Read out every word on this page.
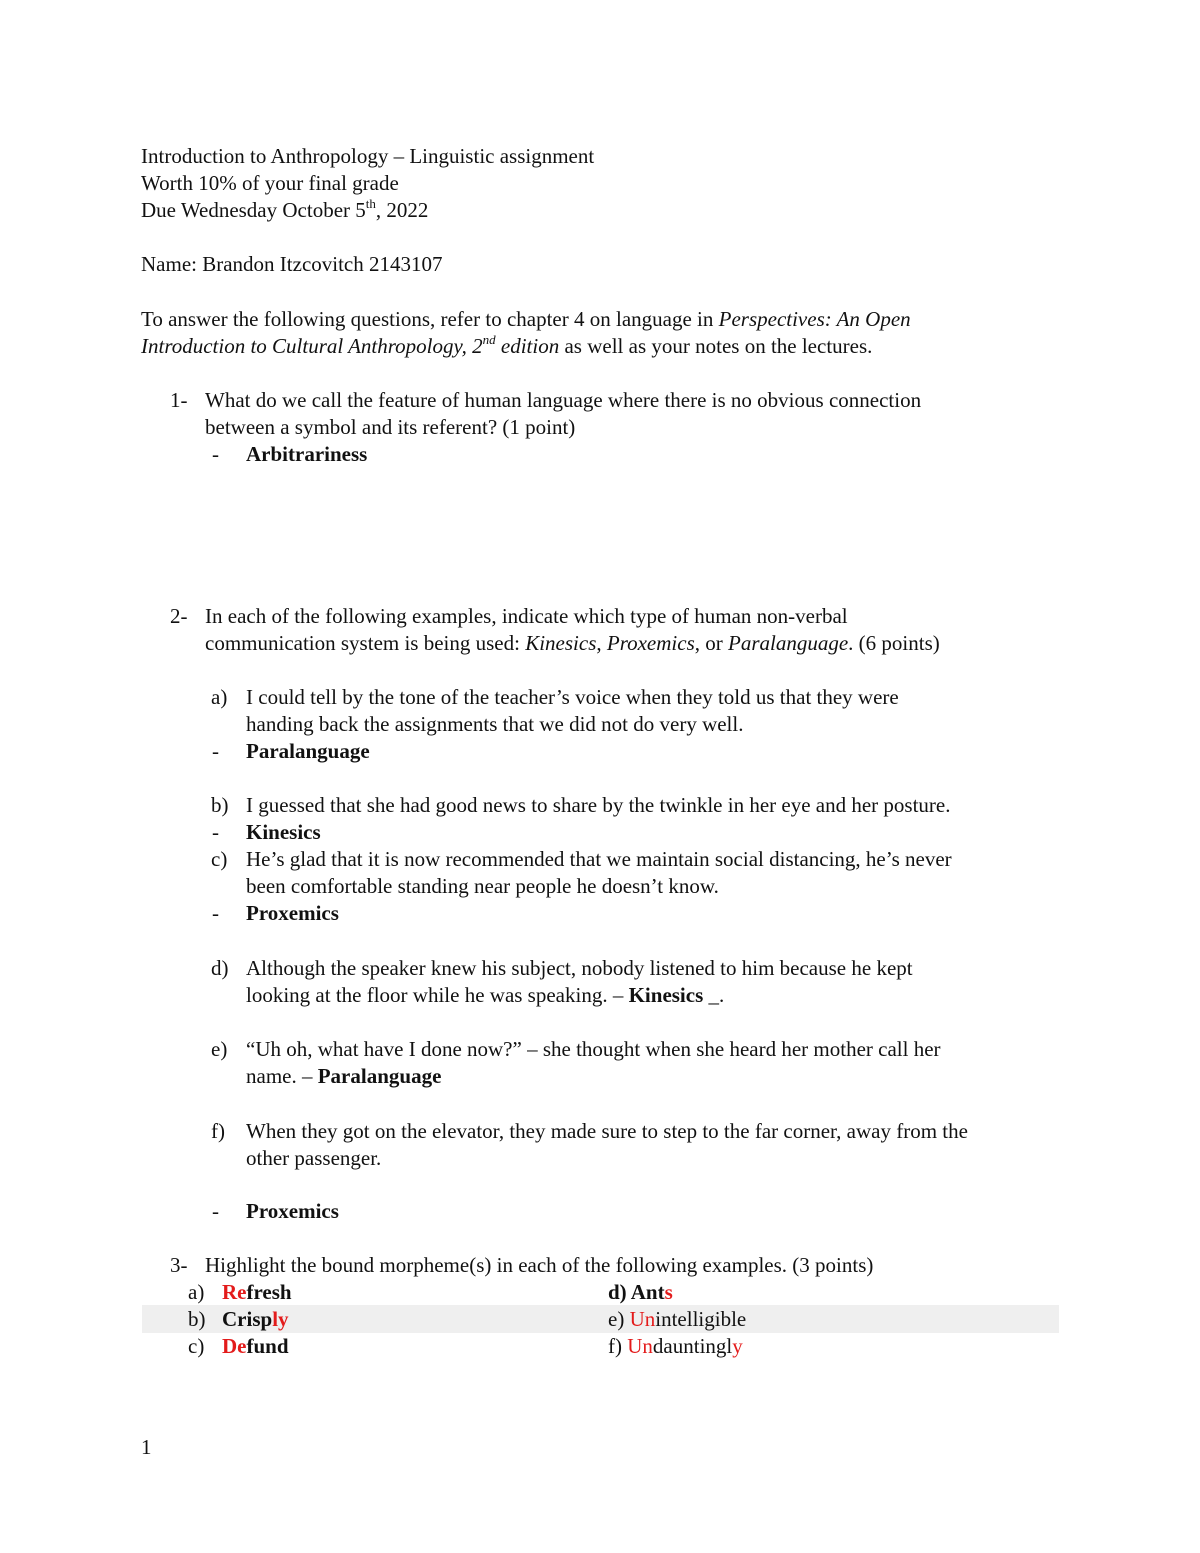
Introduction to Anthropology – Linguistic assignment
Worth 10% of your final grade
Due Wednesday October 5th, 2022
Name: Brandon Itzcovitch 2143107
To answer the following questions, refer to chapter 4 on language in Perspectives: An Open
Introduction to Cultural Anthropology, 2nd edition as well as your notes on the lectures.
1- What do we call the feature of human language where there is no obvious connection
between a symbol and its referent? (1 point)
- Arbitrariness
2- In each of the following examples, indicate which type of human non-verbal
communication system is being used: Kinesics, Proxemics, or Paralanguage. (6 points)
a) I could tell by the tone of the teacher’s voice when they told us that they were
handing back the assignments that we did not do very well.
- Paralanguage
b) I guessed that she had good news to share by the twinkle in her eye and her posture.
- Kinesics
c) He’s glad that it is now recommended that we maintain social distancing, he’s never
been comfortable standing near people he doesn’t know.
- Proxemics
d) Although the speaker knew his subject, nobody listened to him because he kept
looking at the floor while he was speaking. – Kinesics _.
e) “Uh oh, what have I done now?” – she thought when she heard her mother call her
name. – Paralanguage
f) When they got on the elevator, they made sure to step to the far corner, away from the
other passenger.
- Proxemics
3- Highlight the bound morpheme(s) in each of the following examples. (3 points)
a) Refresh
b) Crisply
c) Defund
d) Ants
e) Unintelligible
f) Undauntingly
1
